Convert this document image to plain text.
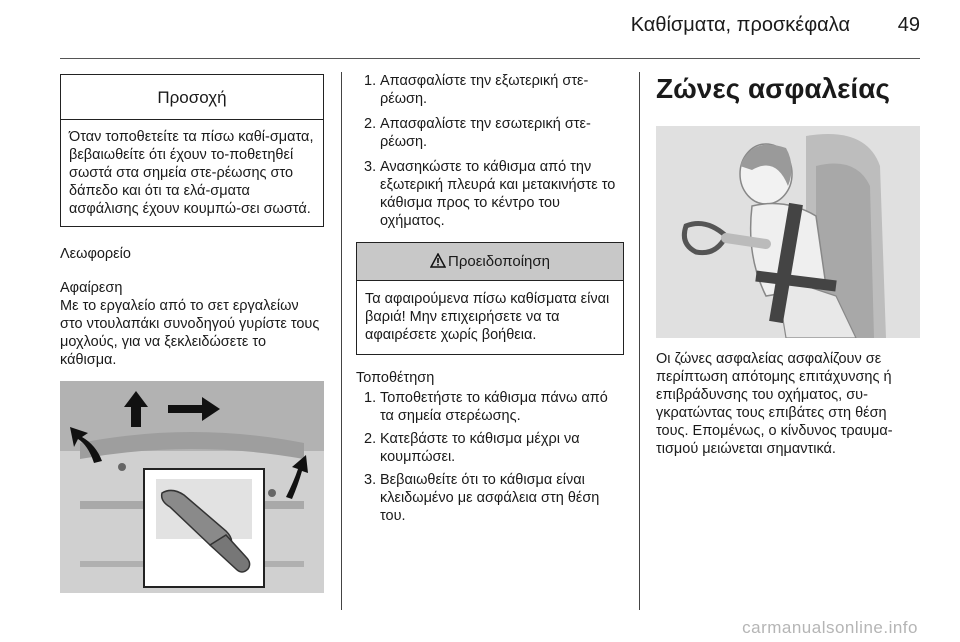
Καθίσματα, προσκέφαλα 49
Προσοχή
Όταν τοποθετείτε τα πίσω καθί-σματα, βεβαιωθείτε ότι έχουν το-ποθετηθεί σωστά στα σημεία στε-ρέωσης στο δάπεδο και ότι τα ελά-σματα ασφάλισης έχουν κουμπώ-σει σωστά.

Λεωφορείο

Αφαίρεση

Με το εργαλείο από το σετ εργαλείων στο ντουλαπάκι συνοδηγού γυρίστε τους μοχλούς, για να ξεκλειδώσετε το κάθισμα.

1. Απασφαλίστε την εξωτερική στε-ρέωση.
2. Απασφαλίστε την εσωτερική στε-ρέωση.
3. Ανασηκώστε το κάθισμα από την εξωτερική πλευρά και μετακινήστε το κάθισμα προς το κέντρο του οχήματος.
Προειδοποίηση
Τα αφαιρούμενα πίσω καθίσματα είναι βαριά! Μην επιχειρήσετε να τα αφαιρέσετε χωρίς βοήθεια.

Τοποθέτηση

1. Τοποθετήστε το κάθισμα πάνω από τα σημεία στερέωσης.
2. Κατεβάστε το κάθισμα μέχρι να κουμπώσει.
3. Βεβαιωθείτε ότι το κάθισμα είναι κλειδωμένο με ασφάλεια στη θέση του.
Ζώνες ασφαλείας

Οι ζώνες ασφαλείας ασφαλίζουν σε περίπτωση απότομης επιτάχυνσης ή επιβράδυνσης του οχήματος, συ-γκρατώντας τους επιβάτες στη θέση τους. Επομένως, ο κίνδυνος τραυμα-τισμού μειώνεται σημαντικά.

carmanualsonline.info
